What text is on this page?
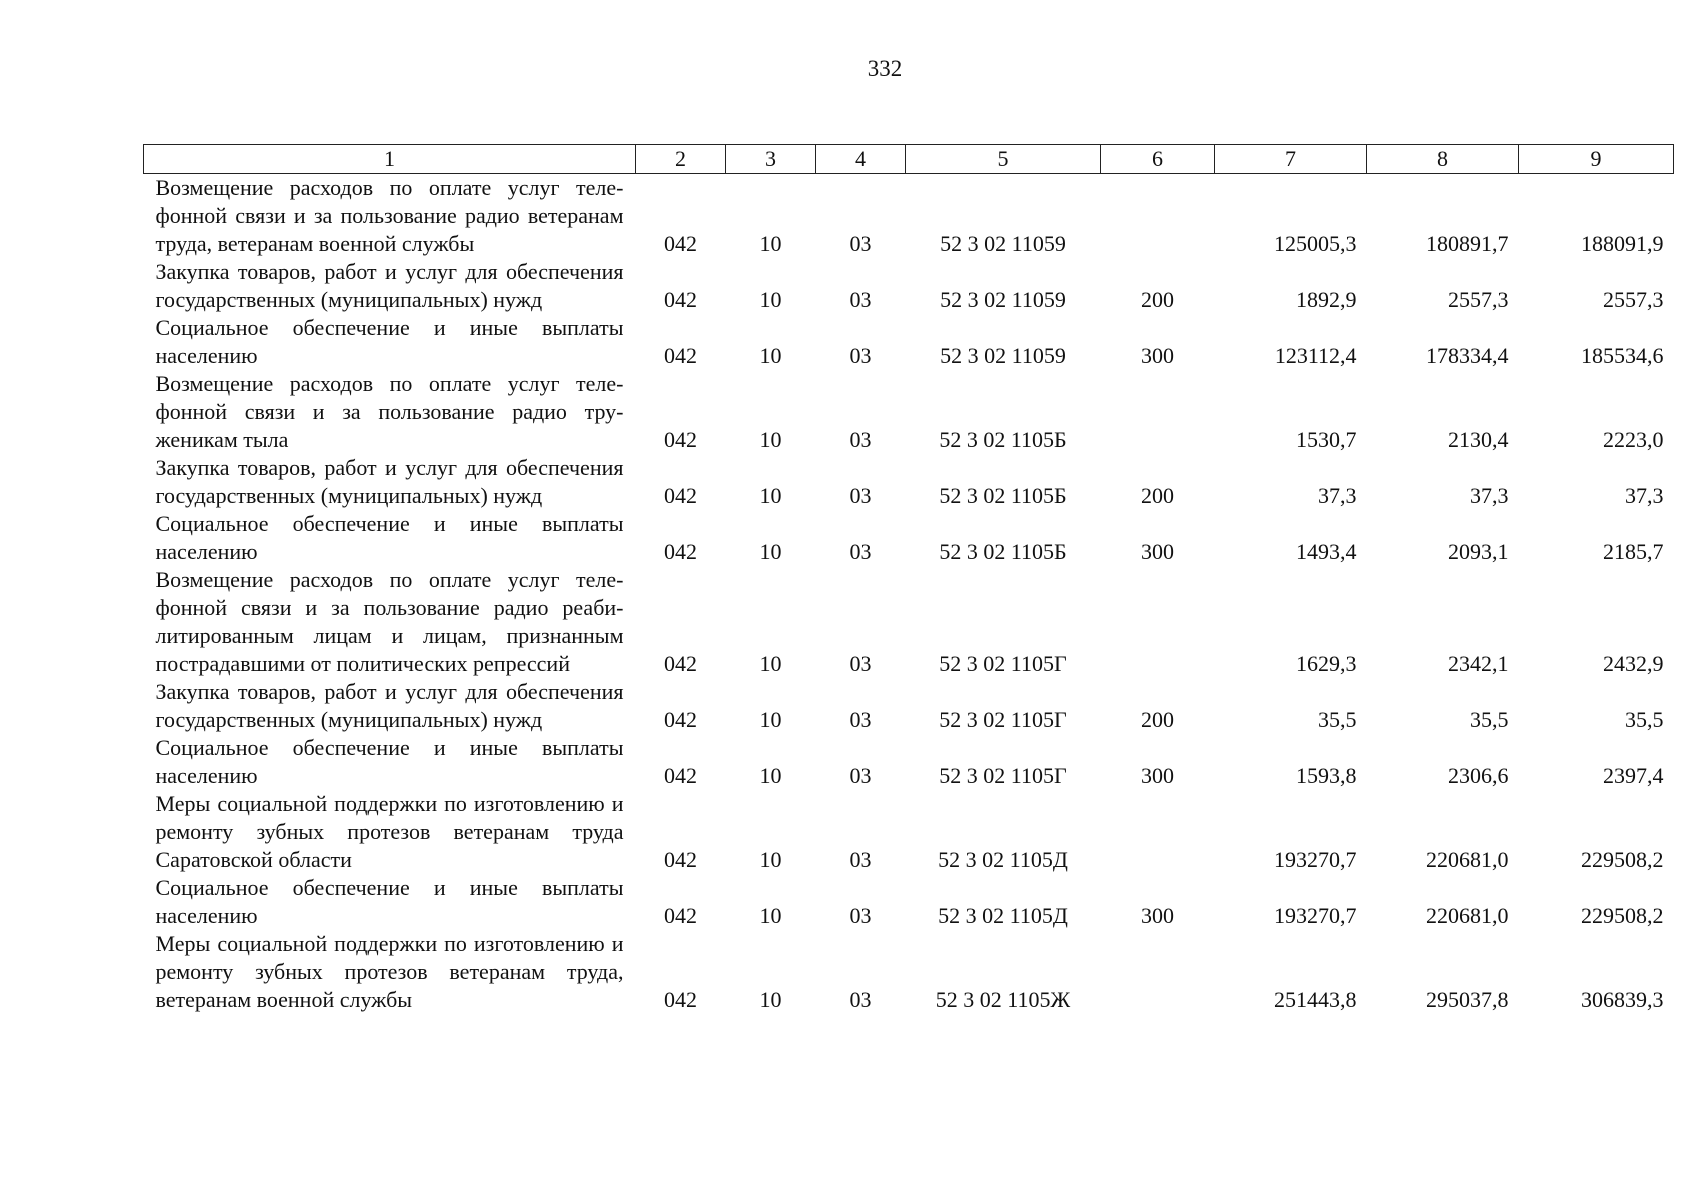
332
1	2	3	4	5	6	7	8	9
Возмещение расходов по оплате услуг телефонной связи и за пользование радио ветеранам труда, ветеранам военной службы	042	10	03	52 3 02 11059		125005,3	180891,7	188091,9
Закупка товаров, работ и услуг для обеспечения государственных (муниципальных) нужд	042	10	03	52 3 02 11059	200	1892,9	2557,3	2557,3
Социальное обеспечение и иные выплаты населению	042	10	03	52 3 02 11059	300	123112,4	178334,4	185534,6
Возмещение расходов по оплате услуг телефонной связи и за пользование радио труженикам тыла	042	10	03	52 3 02 1105Б		1530,7	2130,4	2223,0
Закупка товаров, работ и услуг для обеспечения государственных (муниципальных) нужд	042	10	03	52 3 02 1105Б	200	37,3	37,3	37,3
Социальное обеспечение и иные выплаты населению	042	10	03	52 3 02 1105Б	300	1493,4	2093,1	2185,7
Возмещение расходов по оплате услуг телефонной связи и за пользование радио реабилитированным лицам и лицам, признанным пострадавшими от политических репрессий	042	10	03	52 3 02 1105Г		1629,3	2342,1	2432,9
Закупка товаров, работ и услуг для обеспечения государственных (муниципальных) нужд	042	10	03	52 3 02 1105Г	200	35,5	35,5	35,5
Социальное обеспечение и иные выплаты населению	042	10	03	52 3 02 1105Г	300	1593,8	2306,6	2397,4
Меры социальной поддержки по изготовлению и ремонту зубных протезов ветеранам труда Саратовской области	042	10	03	52 3 02 1105Д		193270,7	220681,0	229508,2
Социальное обеспечение и иные выплаты населению	042	10	03	52 3 02 1105Д	300	193270,7	220681,0	229508,2
Меры социальной поддержки по изготовлению и ремонту зубных протезов ветеранам труда, ветеранам военной службы	042	10	03	52 3 02 1105Ж		251443,8	295037,8	306839,3
